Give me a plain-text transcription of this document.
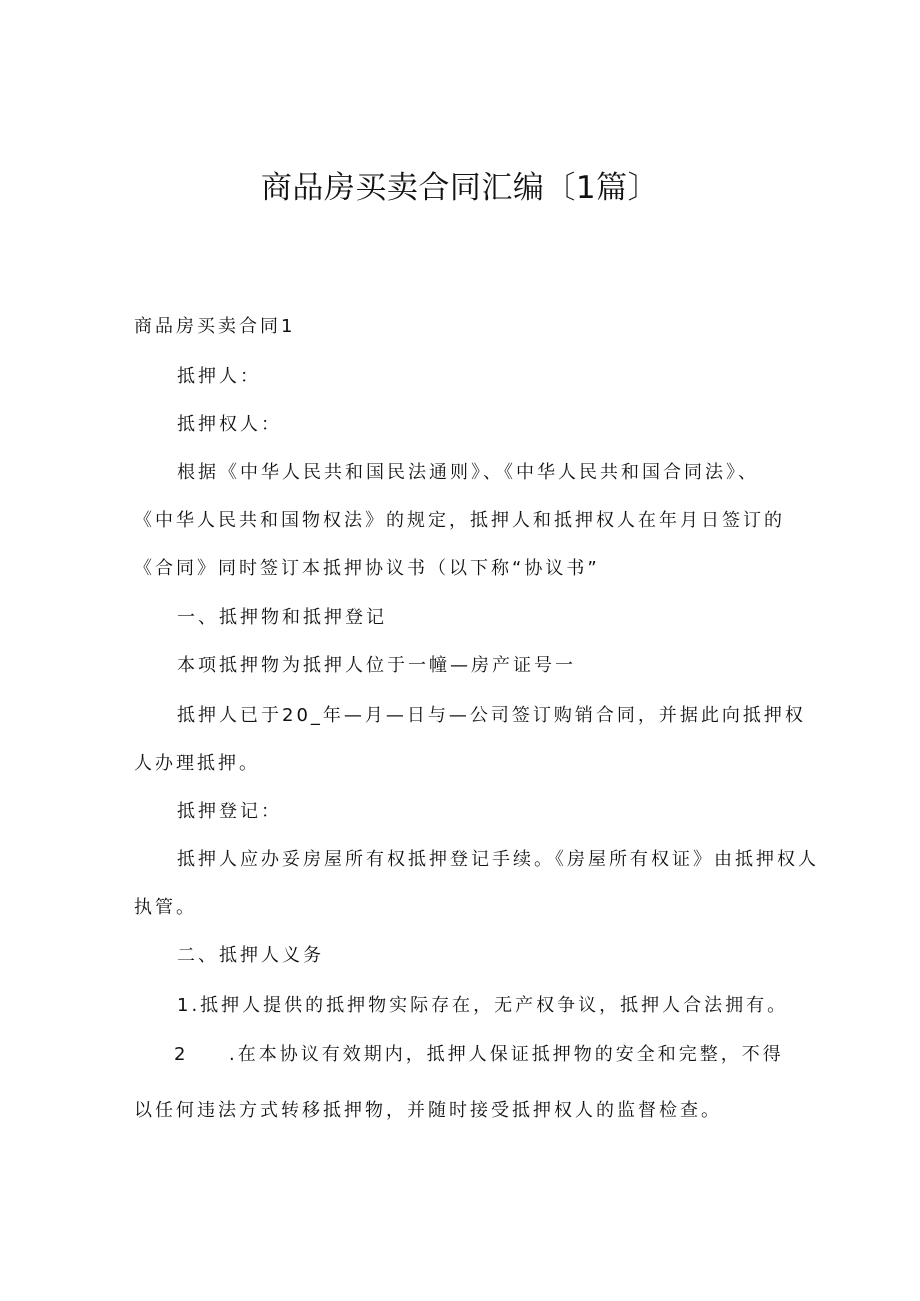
商品房买卖合同汇编〔1篇〕
商品房买卖合同1
抵押人：
抵押权人：
根据《中华人民共和国民法通则》、《中华人民共和国合同法》、
《中华人民共和国物权法》的规定，抵押人和抵押权人在年月日签订的
《合同》同时签订本抵押协议书（以下称“协议书”
一、抵押物和抵押登记
本项抵押物为抵押人位于一幢—房产证号一
抵押人已于20_年—月—日与—公司签订购销合同，并据此向抵押权
人办理抵押。
抵押登记：
抵押人应办妥房屋所有权抵押登记手续。《房屋所有权证》由抵押权人
执管。
二、抵押人义务
1.抵押人提供的抵押物实际存在，无产权争议，抵押人合法拥有。
2 .在本协议有效期内，抵押人保证抵押物的安全和完整，不得
以任何违法方式转移抵押物，并随时接受抵押权人的监督检查。
